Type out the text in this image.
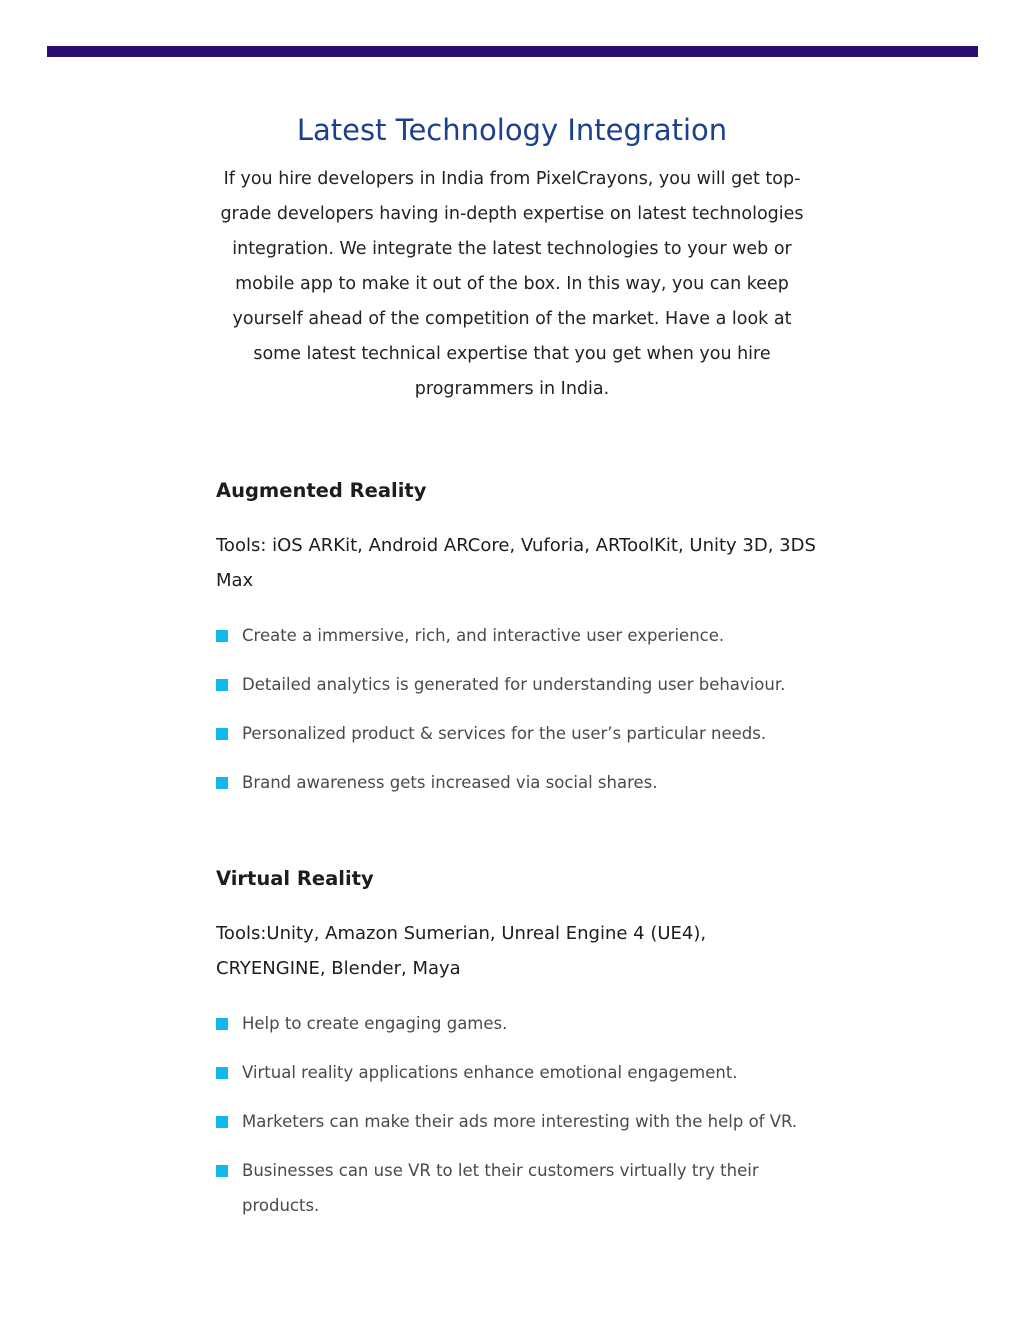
Latest Technology Integration

If you hire developers in India from PixelCrayons, you will get top-grade developers having in-depth expertise on latest technologies integration. We integrate the latest technologies to your web or mobile app to make it out of the box. In this way, you can keep yourself ahead of the competition of the market. Have a look at some latest technical expertise that you get when you hire programmers in India.

Augmented Reality

Tools: iOS ARKit, Android ARCore, Vuforia, ARToolKit, Unity 3D, 3DS Max

Create a immersive, rich, and interactive user experience.
Detailed analytics is generated for understanding user behaviour.
Personalized product & services for the user’s particular needs.
Brand awareness gets increased via social shares.
Virtual Reality

Tools:Unity, Amazon Sumerian, Unreal Engine 4 (UE4), CRYENGINE, Blender, Maya

Help to create engaging games.
Virtual reality applications enhance emotional engagement.
Marketers can make their ads more interesting with the help of VR.
Businesses can use VR to let their customers virtually try their products.
